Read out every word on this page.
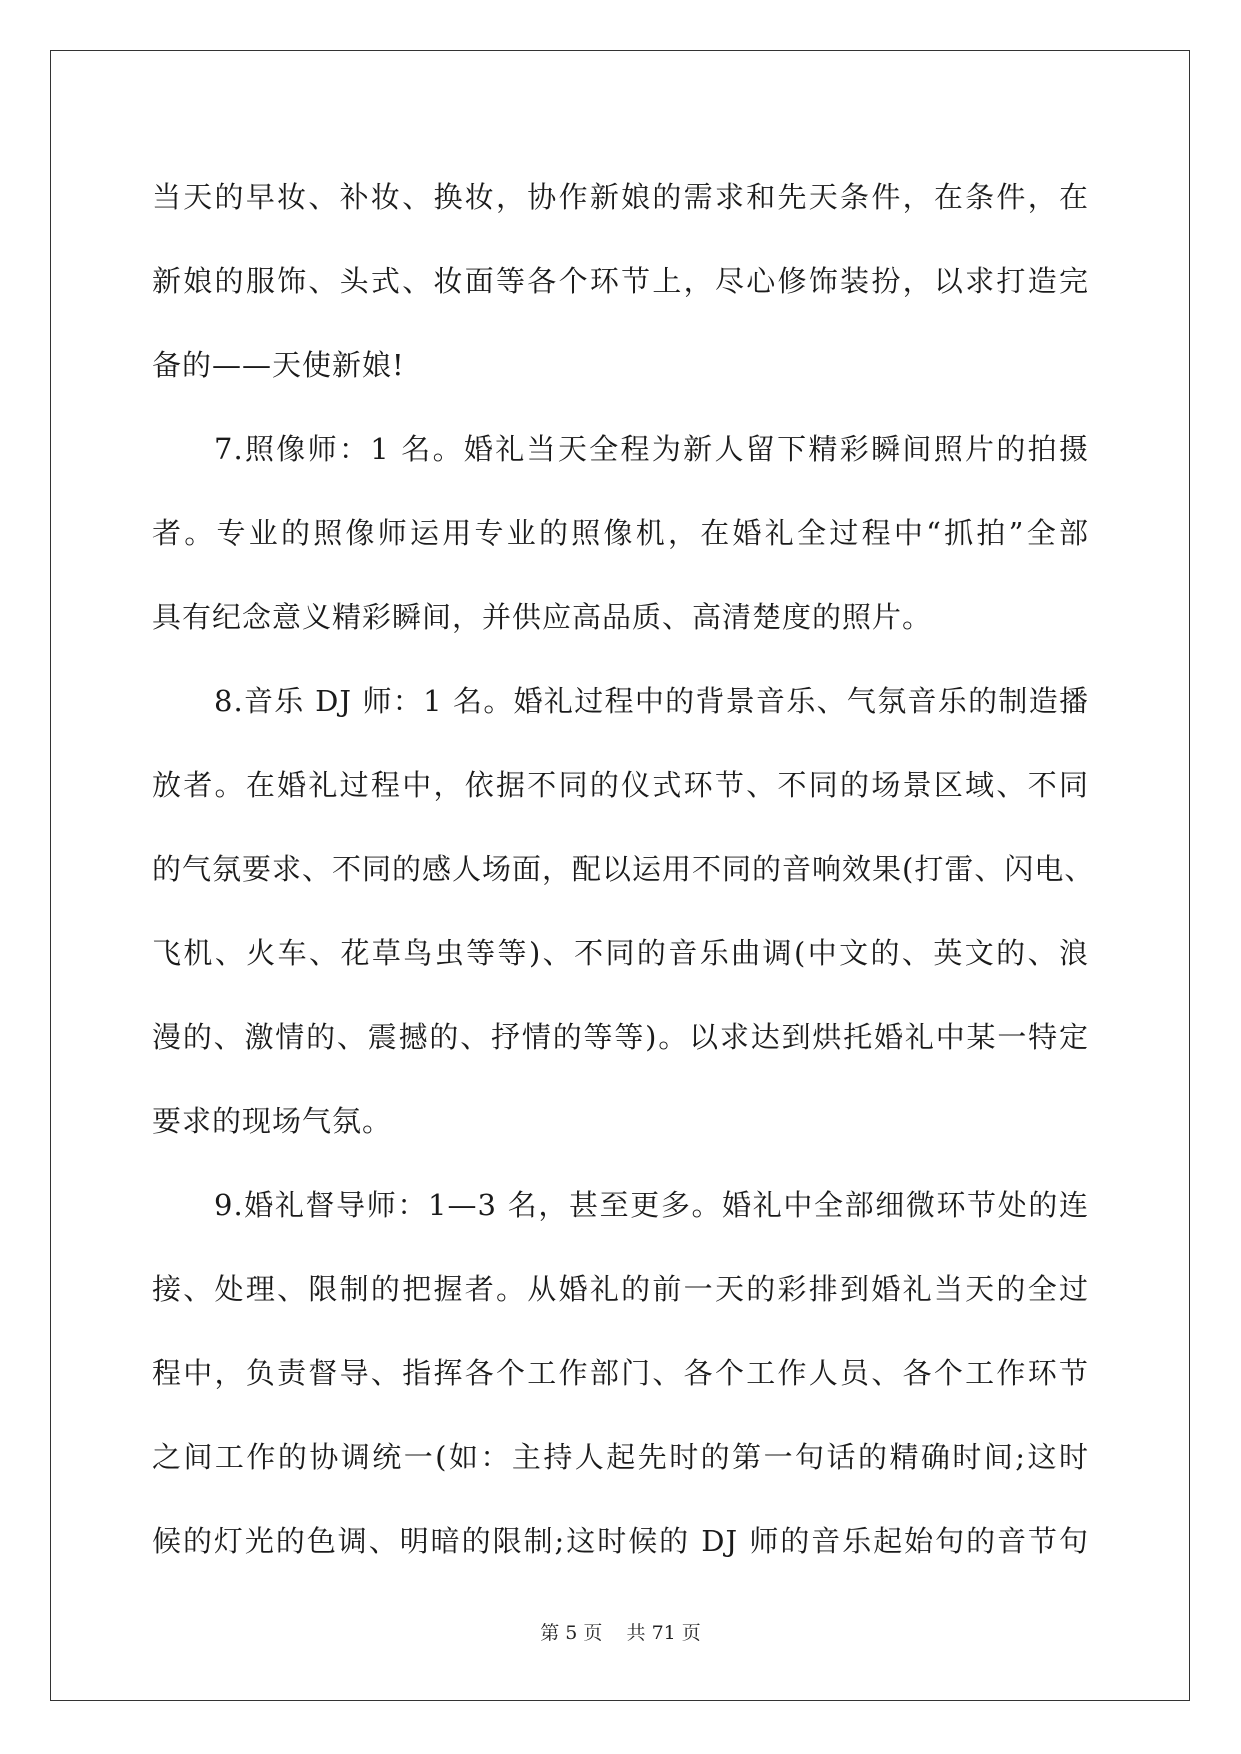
当天的早妆、补妆、换妆，协作新娘的需求和先天条件，在条件，在
新娘的服饰、头式、妆面等各个环节上，尽心修饰装扮，以求打造完
备的——天使新娘!
7.照像师：1 名。婚礼当天全程为新人留下精彩瞬间照片的拍摄
者。专业的照像师运用专业的照像机，在婚礼全过程中“抓拍”全部
具有纪念意义精彩瞬间，并供应高品质、高清楚度的照片。
8.音乐 DJ 师：1 名。婚礼过程中的背景音乐、气氛音乐的制造播
放者。在婚礼过程中，依据不同的仪式环节、不同的场景区域、不同
的气氛要求、不同的感人场面，配以运用不同的音响效果(打雷、闪电、
飞机、火车、花草鸟虫等等)、不同的音乐曲调(中文的、英文的、浪
漫的、激情的、震撼的、抒情的等等)。以求达到烘托婚礼中某一特定
要求的现场气氛。
9.婚礼督导师：1—3 名，甚至更多。婚礼中全部细微环节处的连
接、处理、限制的把握者。从婚礼的前一天的彩排到婚礼当天的全过
程中，负责督导、指挥各个工作部门、各个工作人员、各个工作环节
之间工作的协调统一(如：主持人起先时的第一句话的精确时间;这时
候的灯光的色调、明暗的限制;这时候的 DJ 师的音乐起始句的音节句
第 5 页 共 71 页
